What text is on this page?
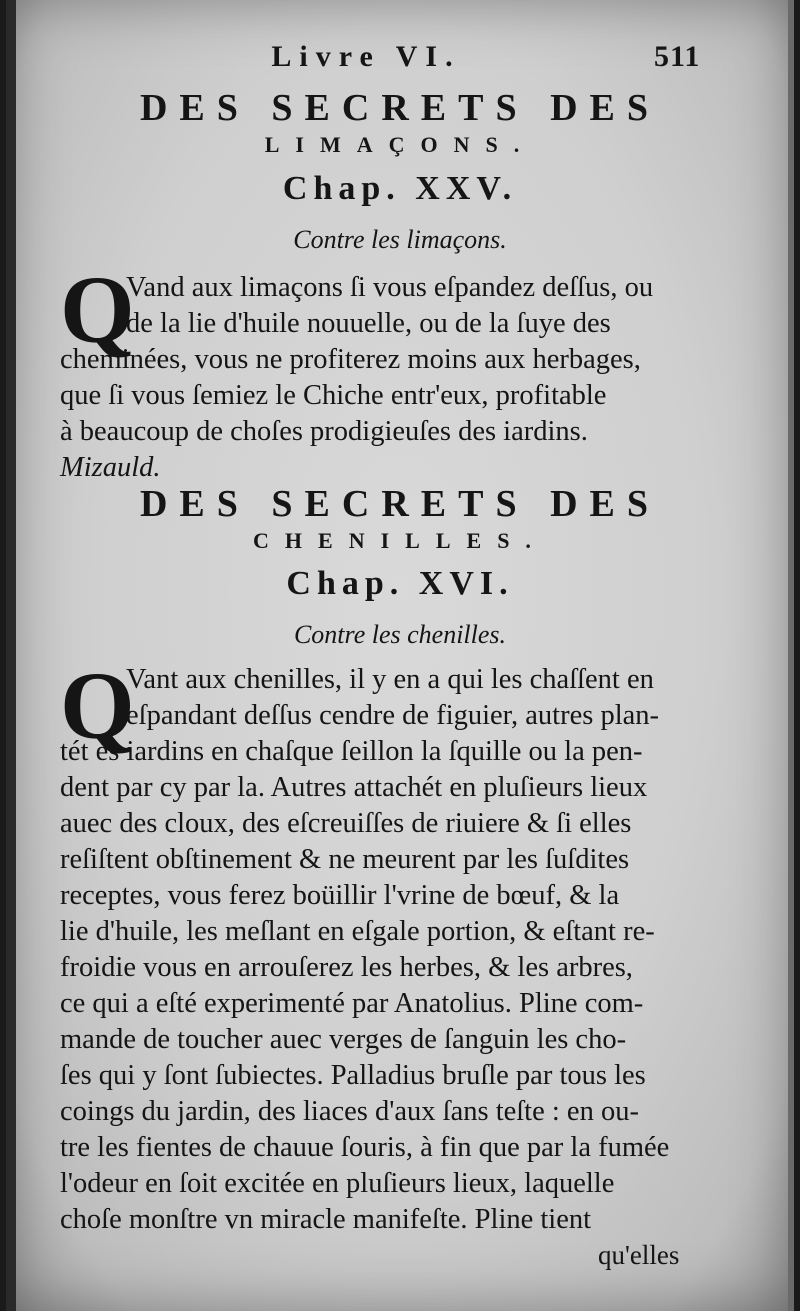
Livre VI.	511
DES SECRETS DES
LIMAÇONS.
Chap. XXV.
Contre les limaçons.
Q
Vand aux limaçons ſi vous eſpandez deſſus, ou
de la lie d'huile nouuelle, ou de la ſuye des
cheminées, vous ne profiterez moins aux herbages,
que ſi vous ſemiez le Chiche entr'eux, profitable
à beaucoup de choſes prodigieuſes des iardins.
Mizauld.
DES SECRETS DES
CHENILLES.
Chap. XVI.
Contre les chenilles.
Q
Vant aux chenilles, il y en a qui les chaſſent en
eſpandant deſſus cendre de figuier, autres plan-
tét és iardins en chaſque ſeillon la ſquille ou la pen-
dent par cy par la. Autres attachét en pluſieurs lieux
auec des cloux, des eſcreuiſſes de riuiere & ſi elles
reſiſtent obſtinement & ne meurent par les ſuſdites
receptes, vous ferez boüillir l'vrine de bœuf, & la
lie d'huile, les meſlant en eſgale portion, & eſtant re-
froidie vous en arrouſerez les herbes, & les arbres,
ce qui a eſté experimenté par Anatolius. Pline com-
mande de toucher auec verges de ſanguin les cho-
ſes qui y ſont ſubiectes. Palladius bruſle par tous les
coings du jardin, des liaces d'aux ſans teſte : en ou-
tre les fientes de chauue ſouris, à fin que par la fumée
l'odeur en ſoit excitée en pluſieurs lieux, laquelle
choſe monſtre vn miracle manifeſte. Pline tient
qu'elles
